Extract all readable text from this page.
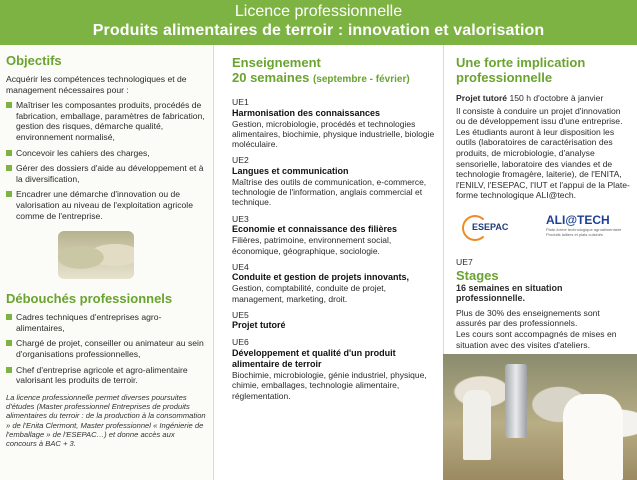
Licence professionnelle
Produits alimentaires de terroir : innovation et valorisation
Objectifs
Acquérir les compétences technologiques et de management nécessaires pour :
Maîtriser les composantes produits, procédés de fabrication, emballage, paramètres de fabrication, gestion des risques, démarche qualité, environnement normalisé,
Concevoir les cahiers des charges,
Gérer des dossiers d'aide au développement et à la diversification,
Encadrer une démarche d'innovation ou de valorisation au niveau de l'exploitation agricole comme de l'entreprise.
Débouchés professionnels
Cadres techniques d'entreprises agro-alimentaires,
Chargé de projet, conseiller ou animateur au sein d'organisations professionnelles,
Chef d'entreprise agricole et agro-alimentaire valorisant les produits de terroir.
La licence professionnelle permet diverses poursuites d'études (Master professionnel Entreprises de produits alimentaires du terroir : de la production à la consommation » de l'Enita Clermont, Master professionnel « Ingénierie de l'emballage » de l'ESEPAC…) et donne accès aux concours à BAC + 3.
Enseignement
20 semaines (septembre - février)
UE1
Harmonisation des connaissances
Gestion, microbiologie, procédés et technologies alimentaires, biochimie, physique industrielle, biologie moléculaire.
UE2
Langues et communication
Maîtrise des outils de communication, e-commerce, technologie de l'information, anglais commercial et technique.
UE3
Economie et connaissance des filières
Filières, patrimoine, environnement social, économique, géographique, sociologie.
UE4
Conduite et gestion de projets innovants,
Gestion, comptabilité, conduite de projet, management, marketing, droit.
UE5
Projet tutoré
UE6
Développement et qualité d'un produit alimentaire de terroir
Biochimie, microbiologie, génie industriel, physique, chimie, emballages, technologie alimentaire, réglementation.
Une forte implication professionnelle
Projet tutoré 150 h d'octobre à janvier
Il consiste à conduire un projet d'innovation ou de développement issu d'une entreprise. Les étudiants auront à leur disposition les outils (laboratoires de caractérisation des produits, de microbiologie, d'analyse sensorielle, laboratoire des viandes et de technologie fromagère, laiterie), de l'ENITA, l'ENILV, l'ESEPAC, l'IUT et l'appui de la Plate-forme technologique ALI@tech.
ESEPAC	ALI@TECH
Plate-forme technologique agroalimentaire Produits laitiers et plats cuisinés
UE7
Stages
16 semaines en situation professionnelle.
Plus de 30% des enseignements sont assurés par des professionnels.
Les cours sont accompagnés de mises en situation avec des visites d'ateliers.
